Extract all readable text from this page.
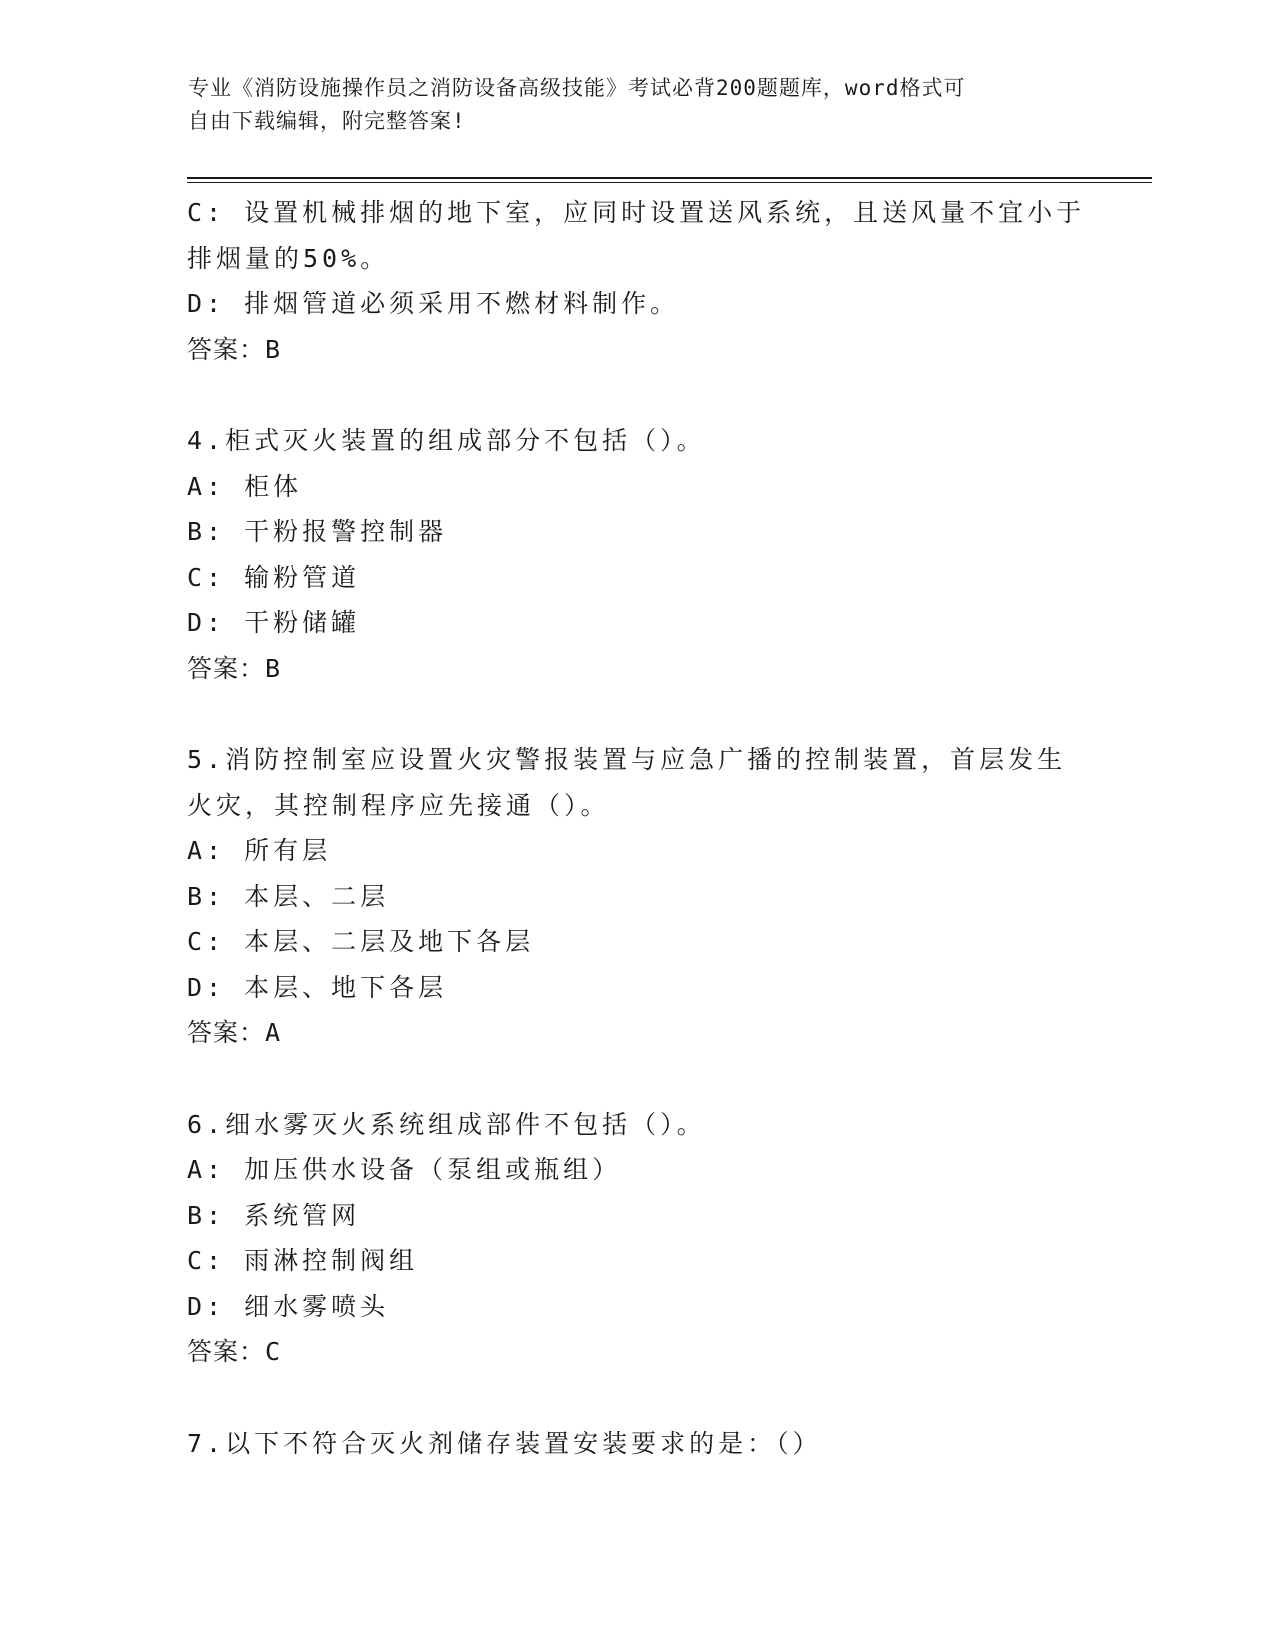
专业《消防设施操作员之消防设备高级技能》考试必背200题题库，word格式可
自由下载编辑，附完整答案!
C: 设置机械排烟的地下室，应同时设置送风系统，且送风量不宜小于
排烟量的50%。
D: 排烟管道必须采用不燃材料制作。
答案：B
4.柜式灭火装置的组成部分不包括（）。
A: 柜体
B: 干粉报警控制器
C: 输粉管道
D: 干粉储罐
答案：B
5.消防控制室应设置火灾警报装置与应急广播的控制装置，首层发生
火灾，其控制程序应先接通（）。
A: 所有层
B: 本层、二层
C: 本层、二层及地下各层
D: 本层、地下各层
答案：A
6.细水雾灭火系统组成部件不包括（）。
A: 加压供水设备（泵组或瓶组）
B: 系统管网
C: 雨淋控制阀组
D: 细水雾喷头
答案：C
7.以下不符合灭火剂储存装置安装要求的是：（）
